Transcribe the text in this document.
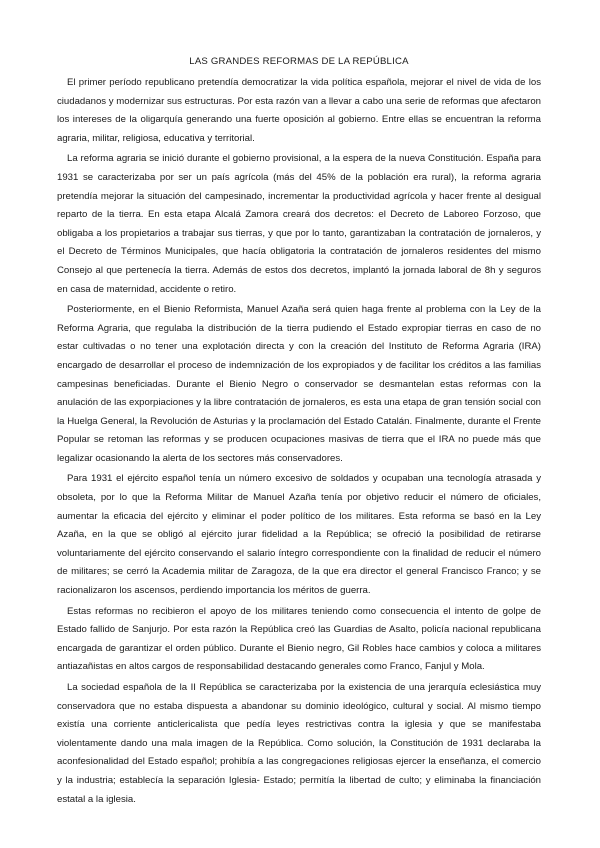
LAS GRANDES REFORMAS DE LA REPÚBLICA

El primer período republicano pretendía democratizar la vida política española, mejorar el nivel de vida de los ciudadanos y modernizar sus estructuras. Por esta razón van a llevar a cabo una serie de reformas que afectaron los intereses de la oligarquía generando una fuerte oposición al gobierno. Entre ellas se encuentran la reforma agraria, militar, religiosa, educativa y territorial.

La reforma agraria se inició durante el gobierno provisional, a la espera de la nueva Constitución. España para 1931 se caracterizaba por ser un país agrícola (más del 45% de la población era rural), la reforma agraria pretendía mejorar la situación del campesinado, incrementar la productividad agrícola y hacer frente al desigual reparto de la tierra. En esta etapa Alcalá Zamora creará dos decretos: el Decreto de Laboreo Forzoso, que obligaba a los propietarios a trabajar sus tierras, y que por lo tanto, garantizaban la contratación de jornaleros, y el Decreto de Términos Municipales, que hacía obligatoria la contratación de jornaleros residentes del mismo Consejo al que pertenecía la tierra. Además de estos dos decretos, implantó la jornada laboral de 8h y seguros en casa de maternidad, accidente o retiro.

Posteriormente, en el Bienio Reformista, Manuel Azaña será quien haga frente al problema con la Ley de la Reforma Agraria, que regulaba la distribución de la tierra pudiendo el Estado expropiar tierras en caso de no estar cultivadas o no tener una explotación directa y con la creación del Instituto de Reforma Agraria (IRA) encargado de desarrollar el proceso de indemnización de los expropiados y de facilitar los créditos a las familias campesinas beneficiadas. Durante el Bienio Negro o conservador se desmantelan estas reformas con la anulación de las exporpiaciones y la libre contratación de jornaleros, es esta una etapa de gran tensión social con la Huelga General, la Revolución de Asturias y la proclamación del Estado Catalán. Finalmente, durante el Frente Popular se retoman las reformas y se producen ocupaciones masivas de tierra que el IRA no puede más que legalizar ocasionando la alerta de los sectores más conservadores.

Para 1931 el ejército español tenía un número excesivo de soldados y ocupaban una tecnología atrasada y obsoleta, por lo que la Reforma Militar de Manuel Azaña tenía por objetivo reducir el número de oficiales, aumentar la eficacia del ejército y eliminar el poder político de los militares. Esta reforma se basó en la Ley Azaña, en la que se obligó al ejército jurar fidelidad a la República; se ofreció la posibilidad de retirarse voluntariamente del ejército conservando el salario íntegro correspondiente con la finalidad de reducir el número de militares; se cerró la Academia militar de Zaragoza, de la que era director el general Francisco Franco; y se racionalizaron los ascensos, perdiendo importancia los méritos de guerra.

Estas reformas no recibieron el apoyo de los militares teniendo como consecuencia el intento de golpe de Estado fallido de Sanjurjo. Por esta razón la República creó las Guardias de Asalto, policía nacional republicana encargada de garantizar el orden público. Durante el Bienio negro, Gil Robles hace cambios y coloca a militares antiazañistas en altos cargos de responsabilidad destacando generales como Franco, Fanjul y Mola.

La sociedad española de la II República se caracterizaba por la existencia de una jerarquía eclesiástica muy conservadora que no estaba dispuesta a abandonar su dominio ideológico, cultural y social. Al mismo tiempo existía una corriente anticlericalista que pedía leyes restrictivas contra la iglesia y que se manifestaba violentamente dando una mala imagen de la República. Como solución, la Constitución de 1931 declaraba la aconfesionalidad del Estado español; prohibía a las congregaciones religiosas ejercer la enseñanza, el comercio y la industria; establecía la separación Iglesia- Estado; permitía la libertad de culto; y eliminaba la financiación estatal a la iglesia.
